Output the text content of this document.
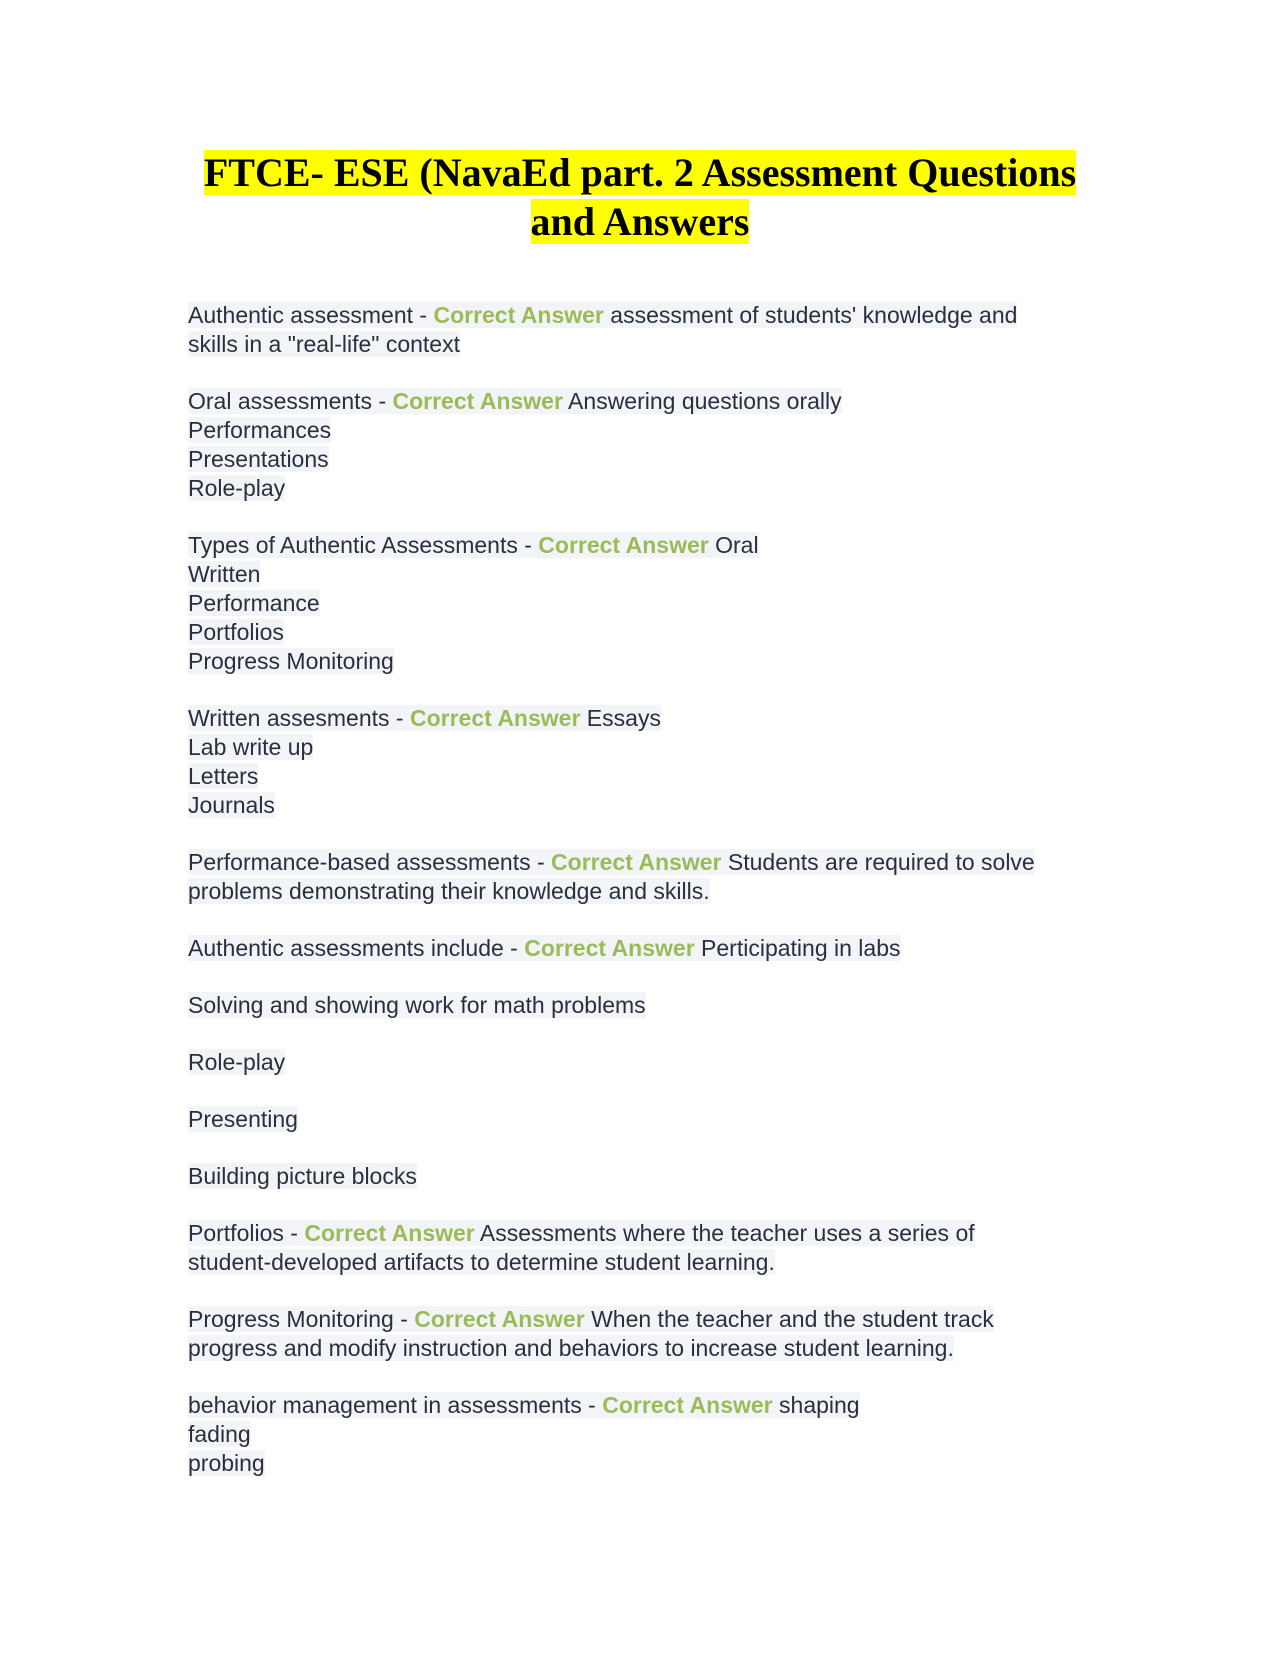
FTCE- ESE (NavaEd part. 2 Assessment Questions
and Answers
Authentic assessment - Correct Answer assessment of students' knowledge and
skills in a "real-life" context
Oral assessments - Correct Answer Answering questions orally
Performances
Presentations
Role-play
Types of Authentic Assessments - Correct Answer Oral
Written
Performance
Portfolios
Progress Monitoring
Written assesments - Correct Answer Essays
Lab write up
Letters
Journals
Performance-based assessments - Correct Answer Students are required to solve
problems demonstrating their knowledge and skills.
Authentic assessments include - Correct Answer Perticipating in labs
Solving and showing work for math problems
Role-play
Presenting
Building picture blocks
Portfolios - Correct Answer Assessments where the teacher uses a series of
student-developed artifacts to determine student learning.
Progress Monitoring - Correct Answer When the teacher and the student track
progress and modify instruction and behaviors to increase student learning.
behavior management in assessments - Correct Answer shaping
fading
probing
